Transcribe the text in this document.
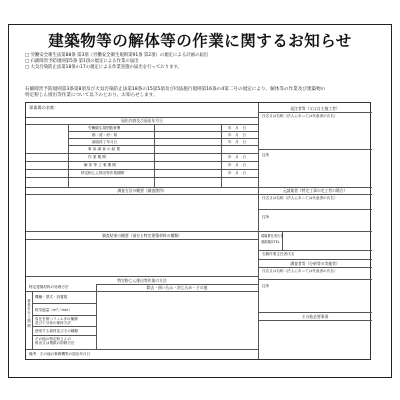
建築物等の解体等の作業に関するお知らせ
□ 労働安全衛生法第88条 第3項（労働安全衛生規則第91条 第2項）の規定による計画の届出
□ 石綿障害予防規則第5条 第1項の規定による作業の届出
□ 大気汚染防止法第18条の17の規定による作業実施の届出を行っております。
石綿障害予防規則第3条第8項及び大気汚染防止法第18条の15第5項及び同法施行規則第16条の4第二号の規定により、解体等の作業及び建築物の
特定粉じん排出等作業について以下のとおり、お知らせします。
事業場の名称：
届出内容及び届出年月日
労働衛生規則監督署	年　月　日
都・道・府・県	年　月　日
調査終了年月日	年　月　日
事 前 調 査 の 結 果
作 業 期 間	年　月　日
解 体 等 工 事 期 間	年　月　日
特定粉じん排出等作業期間	年　月　日
調査方法の概要（調査箇所）
調査結果の概要（部分と特定建築材料の種類）
特定粉じん排出等作業の方法
除去・囲い込み・封じ込め・その他
特定建築材料の処理方法
事業を行う期間
機種・型式・設置数
排気風量（m³／min）
負圧を保つフィルタの種類
及び十分差の保持方法
使用する資材並びその種類
その他の特定粉じんの
排出又は飛散の抑制方法
備考：その他の事務機等の届出年月日
発注者等（又は自主施工者）
氏名又は名称（法人にあっては代表者の氏名）
住所
元請業者（特定工事の完工者の場合）
氏名又は名称（法人にあっては代表者の氏名）
住所
現場責任者氏名
連絡場所TEL
石綿作業主任者氏名
調査者等（分析等の実施者）
氏名又は名称（法人にあっては代表者の氏名）
住所
その他必要事項
